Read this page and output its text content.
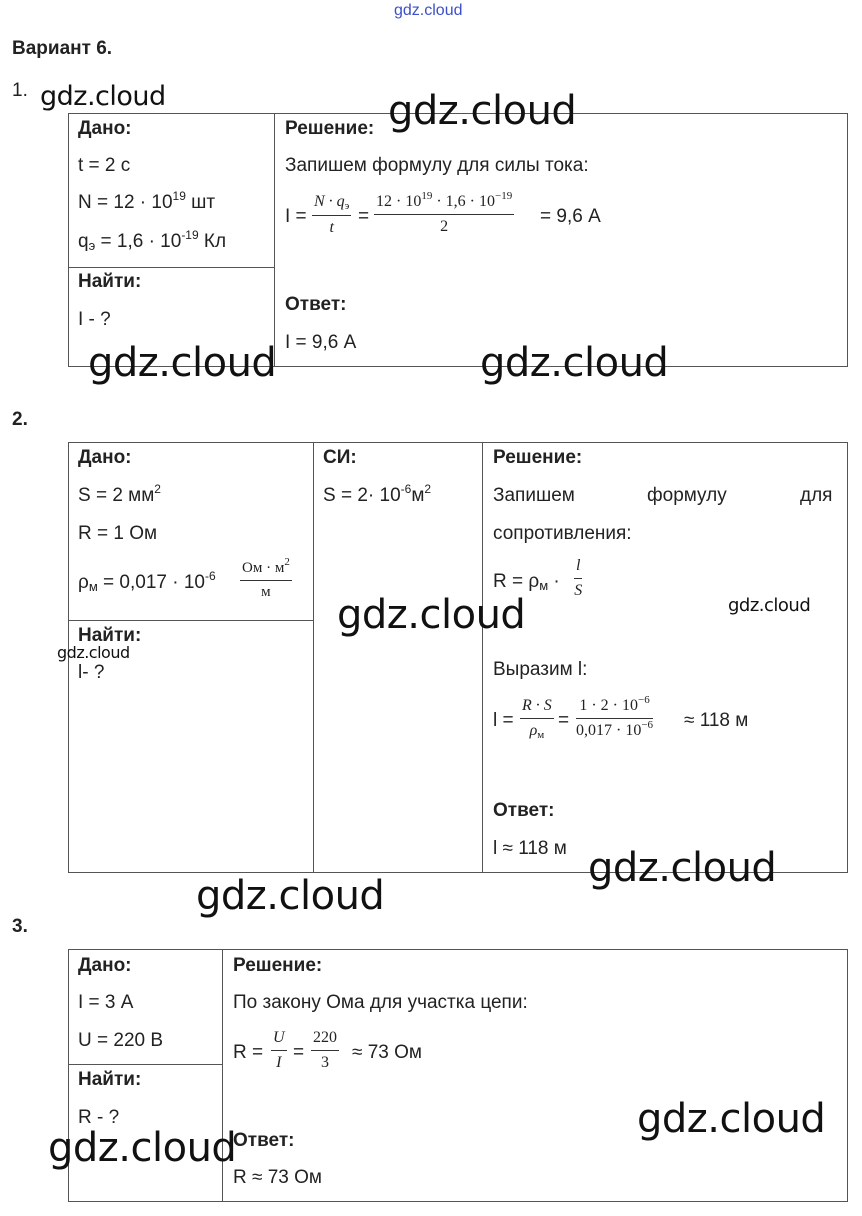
gdz.cloud
Вариант 6.
1.
Дано:
t = 2 с
$N = 12 \cdot 10^{19}$ шт
$q_э = 1,6 \cdot 10^{-19}$ Кл
Найти:
I - ?
Решение:
Запишем формулу для силы тока:
I =
$N \cdot q_э$
t
=
$12 \cdot 10^{19} \cdot 1,6 \cdot 10^{-19}$
2	= 9,6 А
Ответ:
I = 9,6 А
2.
Дано:
S = 2 $мм^2$
R = 1 Ом
$\rho_м = 0,017 \cdot 10^{-6}$ Ом · $м^2$
м
Найти:
l- ?
СИ:
$S = 2\cdot 10^{-6}м^2$
Решение:
Запишем	формулу	для
сопротивления:
$R = \rho_м$ ·
l
S
Выразим l:
l =
R · S
$\rho_м$
=
$1 \cdot 2 \cdot 10^{-6}$
$0,017 \cdot 10^{-6} \approx 118$ м
Ответ:
l ≈ 118 м
3.
Дано:
I = 3 А
U = 220 В
Найти:
R - ?
Решение:
По закону Ома для участка цепи:
R =
U
I =
220
3	≈ 73 Ом
Ответ:
R ≈ 73 Ом
gdz.cloud	gdz.cloud
gdz.cloud	gdz.cloud
gdz.cloud	gdz.cloud
gdz.cloud
gdz.cloud
gdz.cloud
gdz.cloud
gdz.cloud
